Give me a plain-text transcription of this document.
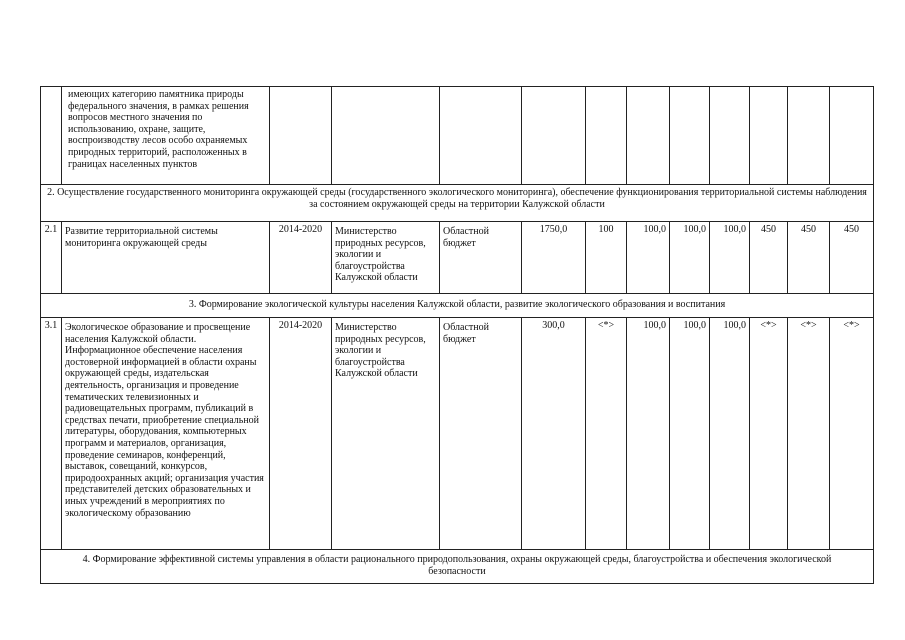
	имеющих категорию памятника природы федерального значения, в рамках решения вопросов местного значения по использованию, охране, защите, воспроизводству лесов особо охраняемых природных территорий, расположенных в границах населенных пунктов											
2. Осуществление государственного мониторинга окружающей среды (государственного экологического мониторинга), обеспечение функционирования территориальной системы наблюдения за состоянием окружающей среды на территории Калужской области												
2.1	Развитие территориальной системы мониторинга окружающей среды	2014-2020	Министерство природных ресурсов, экологии и благоустройства Калужской области	Областной бюджет	1750,0	100	100,0	100,0	100,0	450	450	450
3. Формирование экологической культуры населения Калужской области, развитие экологического образования и воспитания												
3.1	Экологическое образование и просвещение населения Калужской области. Информационное обеспечение населения достоверной информацией в области охраны окружающей среды, издательская деятельность, организация и проведение тематических телевизионных и радиовещательных программ, публикаций в средствах печати, приобретение специальной литературы, оборудования, компьютерных программ и материалов, организация, проведение семинаров, конференций, выставок, совещаний, конкурсов, природоохранных акций; организация участия представителей детских образовательных и иных учреждений в мероприятиях по экологическому образованию	2014-2020	Министерство природных ресурсов, экологии и благоустройства Калужской области	Областной бюджет	300,0	<*>	100,0	100,0	100,0	<*>	<*>	<*>
4. Формирование эффективной системы управления в области рационального природопользования, охраны окружающей среды, благоустройства и обеспечения экологической безопасности												
